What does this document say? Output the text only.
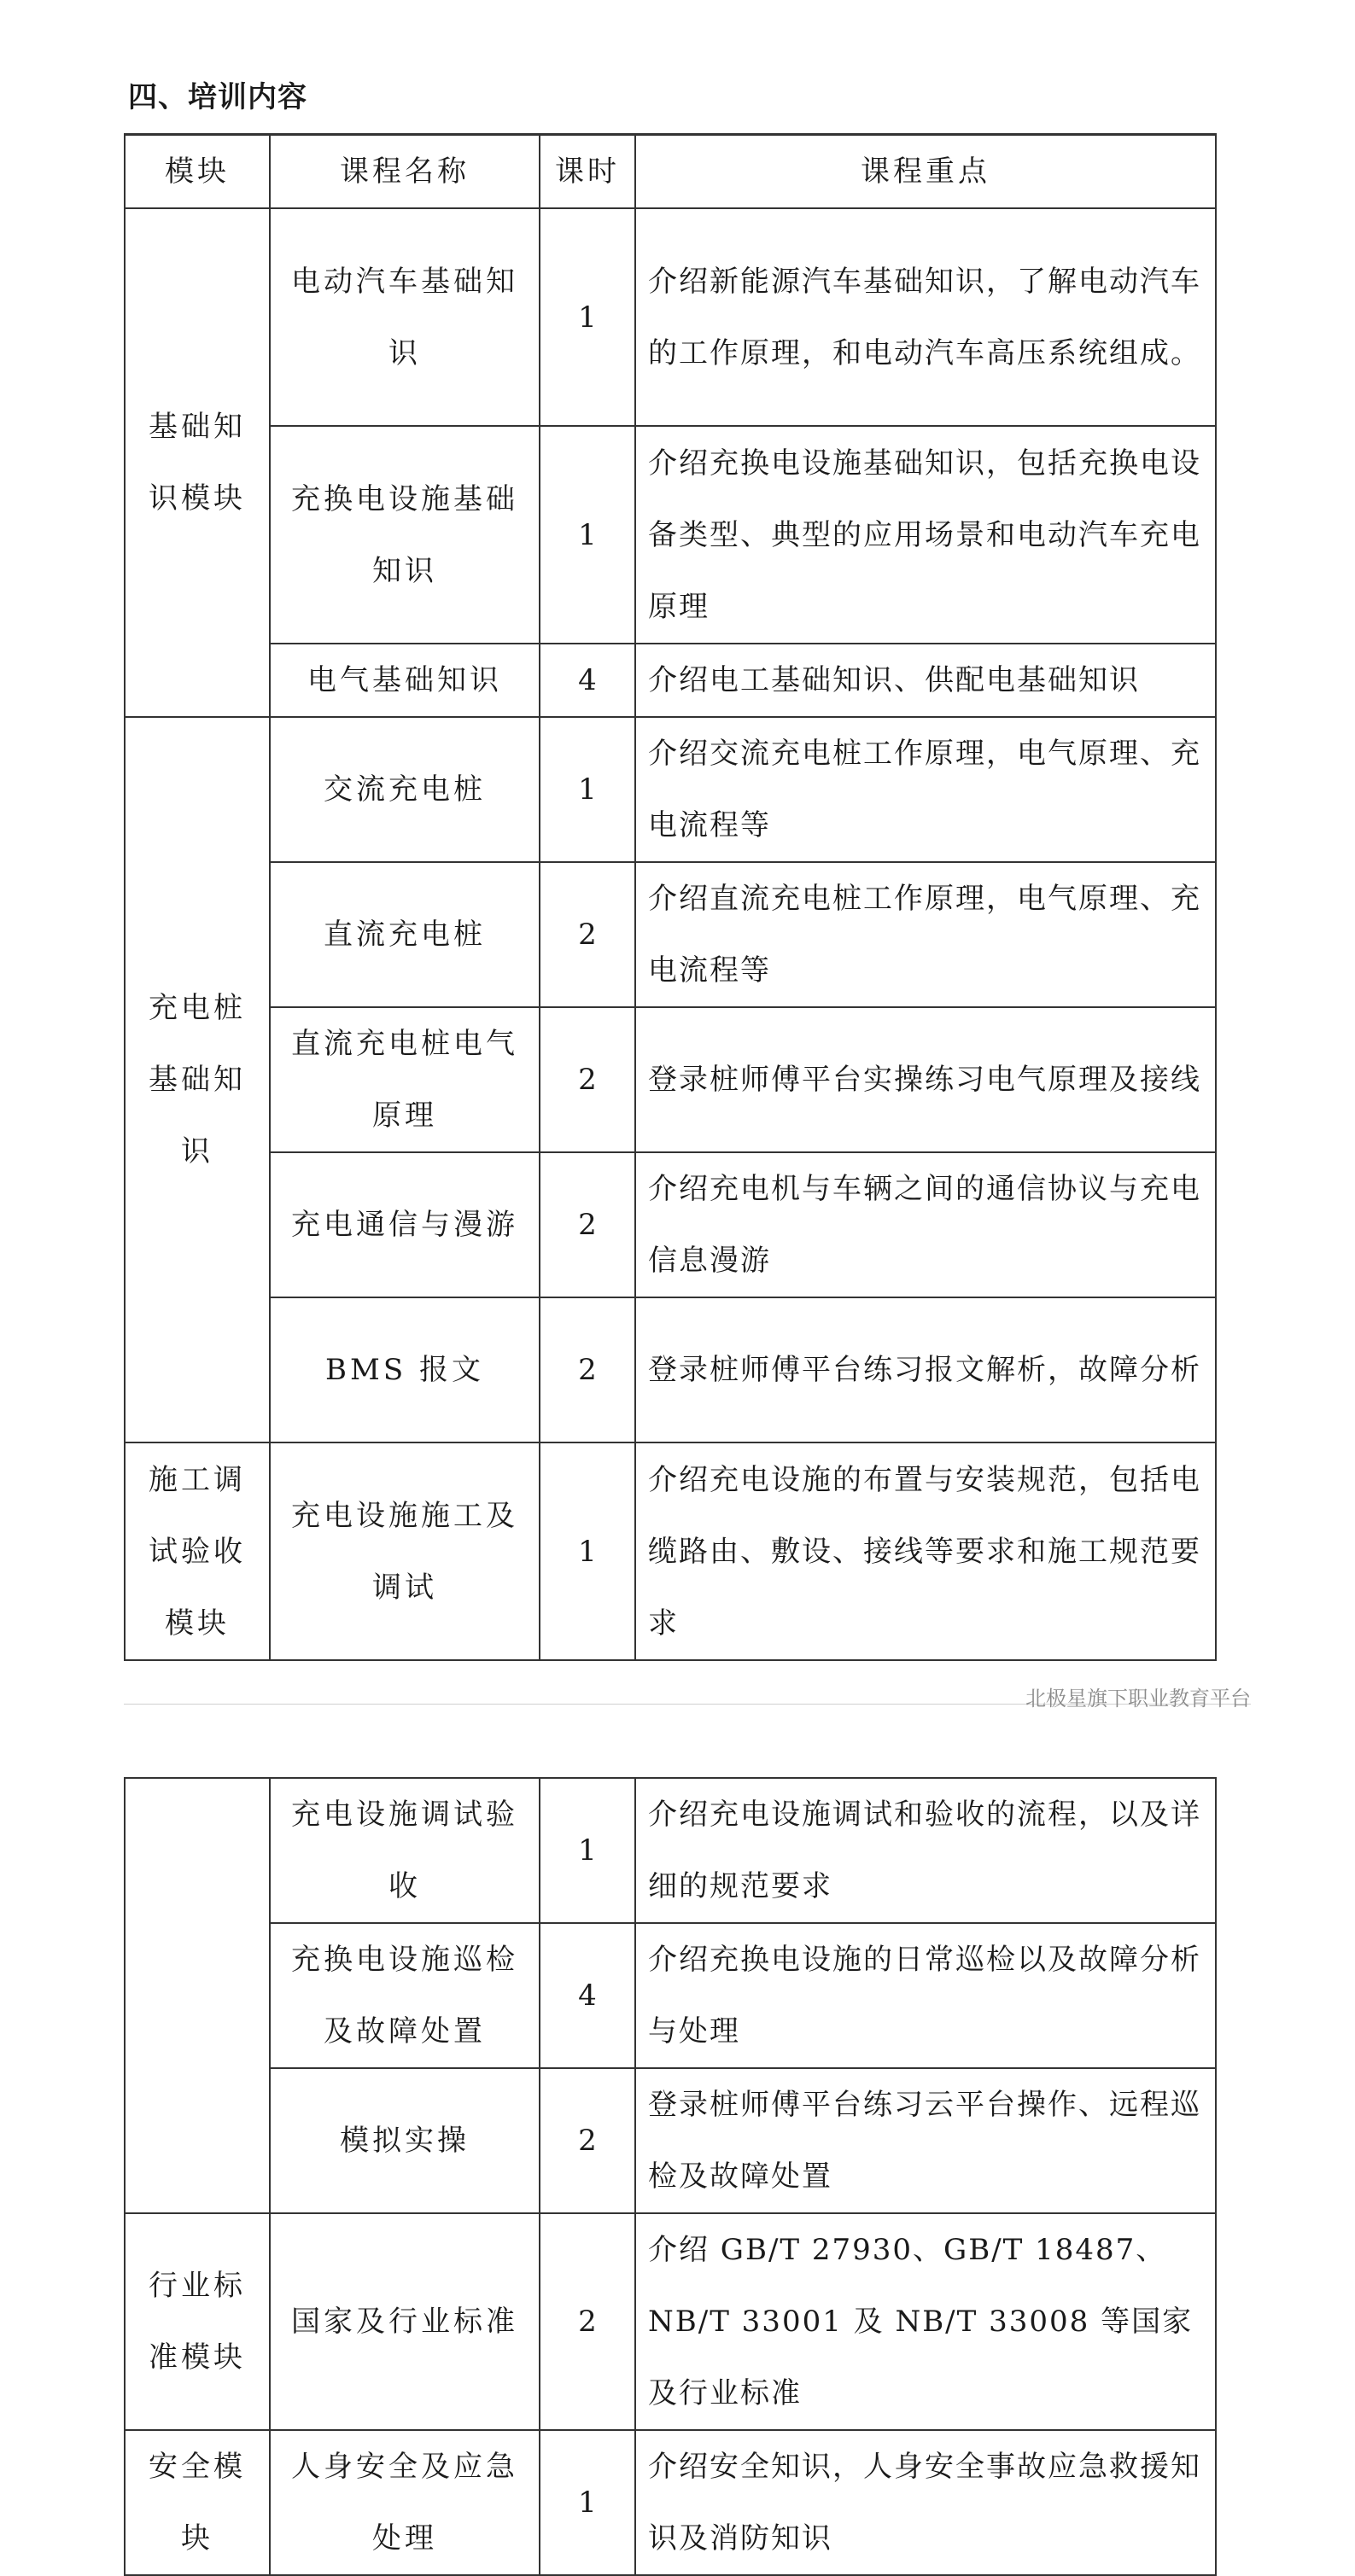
四、培训内容
模块	课程名称	课时	课程重点
基础知识模块	电动汽车基础知识	1	介绍新能源汽车基础知识，了解电动汽车的工作原理，和电动汽车高压系统组成。
	充换电设施基础知识	1	介绍充换电设施基础知识，包括充换电设备类型、典型的应用场景和电动汽车充电原理
	电气基础知识	4	介绍电工基础知识、供配电基础知识
充电桩基础知识	交流充电桩	1	介绍交流充电桩工作原理，电气原理、充电流程等
	直流充电桩	2	介绍直流充电桩工作原理，电气原理、充电流程等
	直流充电桩电气原理	2	登录桩师傅平台实操练习电气原理及接线
	充电通信与漫游	2	介绍充电机与车辆之间的通信协议与充电信息漫游
	BMS 报文	2	登录桩师傅平台练习报文解析，故障分析
施工调试验收模块	充电设施施工及调试	1	介绍充电设施的布置与安装规范，包括电缆路由、敷设、接线等要求和施工规范要求
北极星旗下职业教育平台
	充电设施调试验收	1	介绍充电设施调试和验收的流程，以及详细的规范要求
	充换电设施巡检及故障处置	4	介绍充换电设施的日常巡检以及故障分析与处理
	模拟实操	2	登录桩师傅平台练习云平台操作、远程巡检及故障处置
行业标准模块	国家及行业标准	2	介绍 GB/T 27930、GB/T 18487、NB/T 33001 及 NB/T 33008 等国家及行业标准
安全模块	人身安全及应急处理	1	介绍安全知识，人身安全事故应急救援知识及消防知识
